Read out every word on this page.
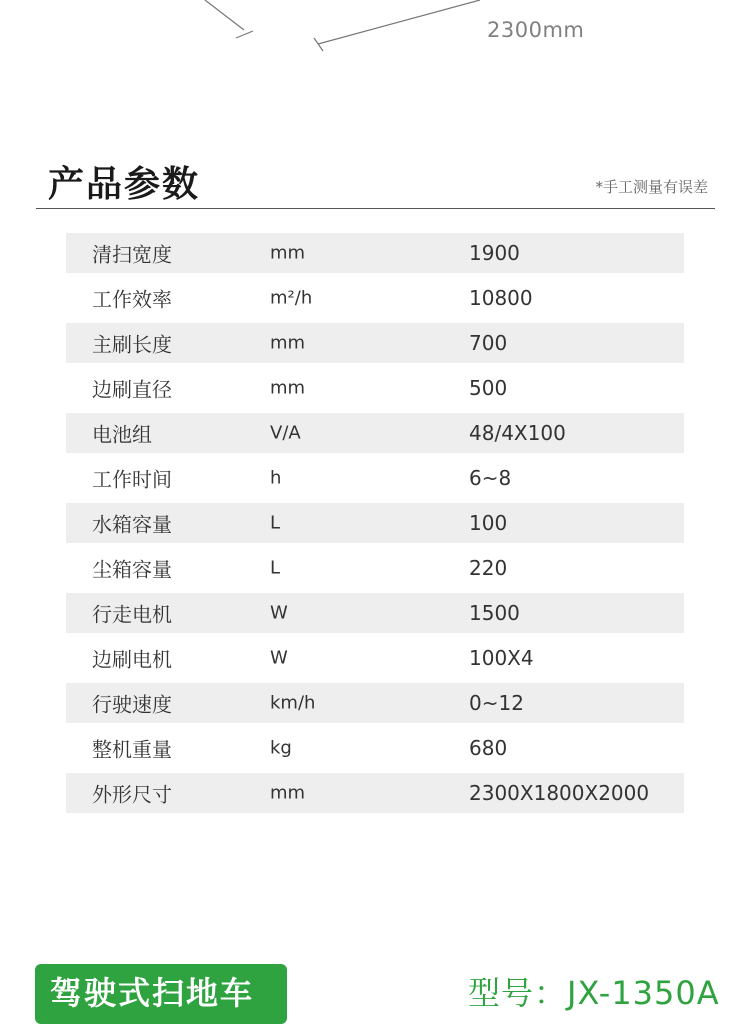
2300mm
产品参数	*手工测量有误差
清扫宽度	mm	1900
工作效率	m²/h	10800
主刷长度	mm	700
边刷直径	mm	500
电池组	V/A	48/4X100
工作时间	h	6~8
水箱容量	L	100
尘箱容量	L	220
行走电机	W	1500
边刷电机	W	100X4
行驶速度	km/h	0~12
整机重量	kg	680
外形尺寸	mm	2300X1800X2000
驾驶式扫地车	型号：JX-1350A
